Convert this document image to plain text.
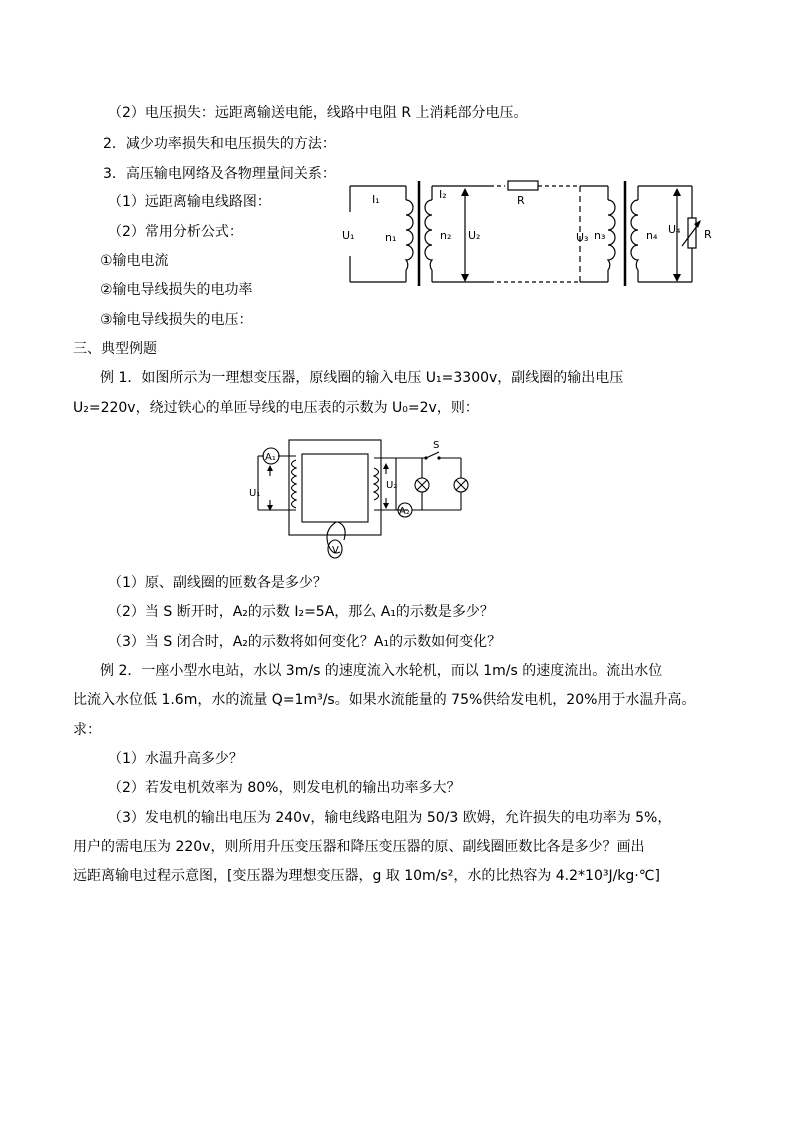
（2）电压损失：远距离输送电能，线路中电阻 R 上消耗部分电压。
2．减少功率损失和电压损失的方法：
3．高压输电网络及各物理量间关系：
（1）远距离输电线路图：
（2）常用分析公式：
①输电电流
②输电导线损失的电功率
③输电导线损失的电压：
三、典型例题
例 1．如图所示为一理想变压器，原线圈的输入电压 U₁=3300v，副线圈的输出电压
U₂=220v，绕过铁心的单匝导线的电压表的示数为 U₀=2v，则：
（1）原、副线圈的匝数各是多少？
（2）当 S 断开时，A₂的示数 I₂=5A，那么 A₁的示数是多少？
（3）当 S 闭合时，A₂的示数将如何变化？A₁的示数如何变化？
例 2．一座小型水电站，水以 3m/s 的速度流入水轮机，而以 1m/s 的速度流出。流出水位
比流入水位低 1.6m，水的流量 Q=1m³/s。如果水流能量的 75%供给发电机，20%用于水温升高。
求：
（1）水温升高多少？
（2）若发电机效率为 80%，则发电机的输出功率多大？
（3）发电机的输出电压为 240v，输电线路电阻为 50/3 欧姆，允许损失的电功率为 5%，
用户的需电压为 220v，则所用升压变压器和降压变压器的原、副线圈匝数比各是多少？画出
远距离输电过程示意图，[变压器为理想变压器，g 取 10m/s²，水的比热容为 4.2*10³J/kg·℃]
I₁
U₁	n₁
I₂
n₂ U₂
R
U₃ n₃	n₄ U₄ R
A₁
U₁
U₂
A₂
S
V
